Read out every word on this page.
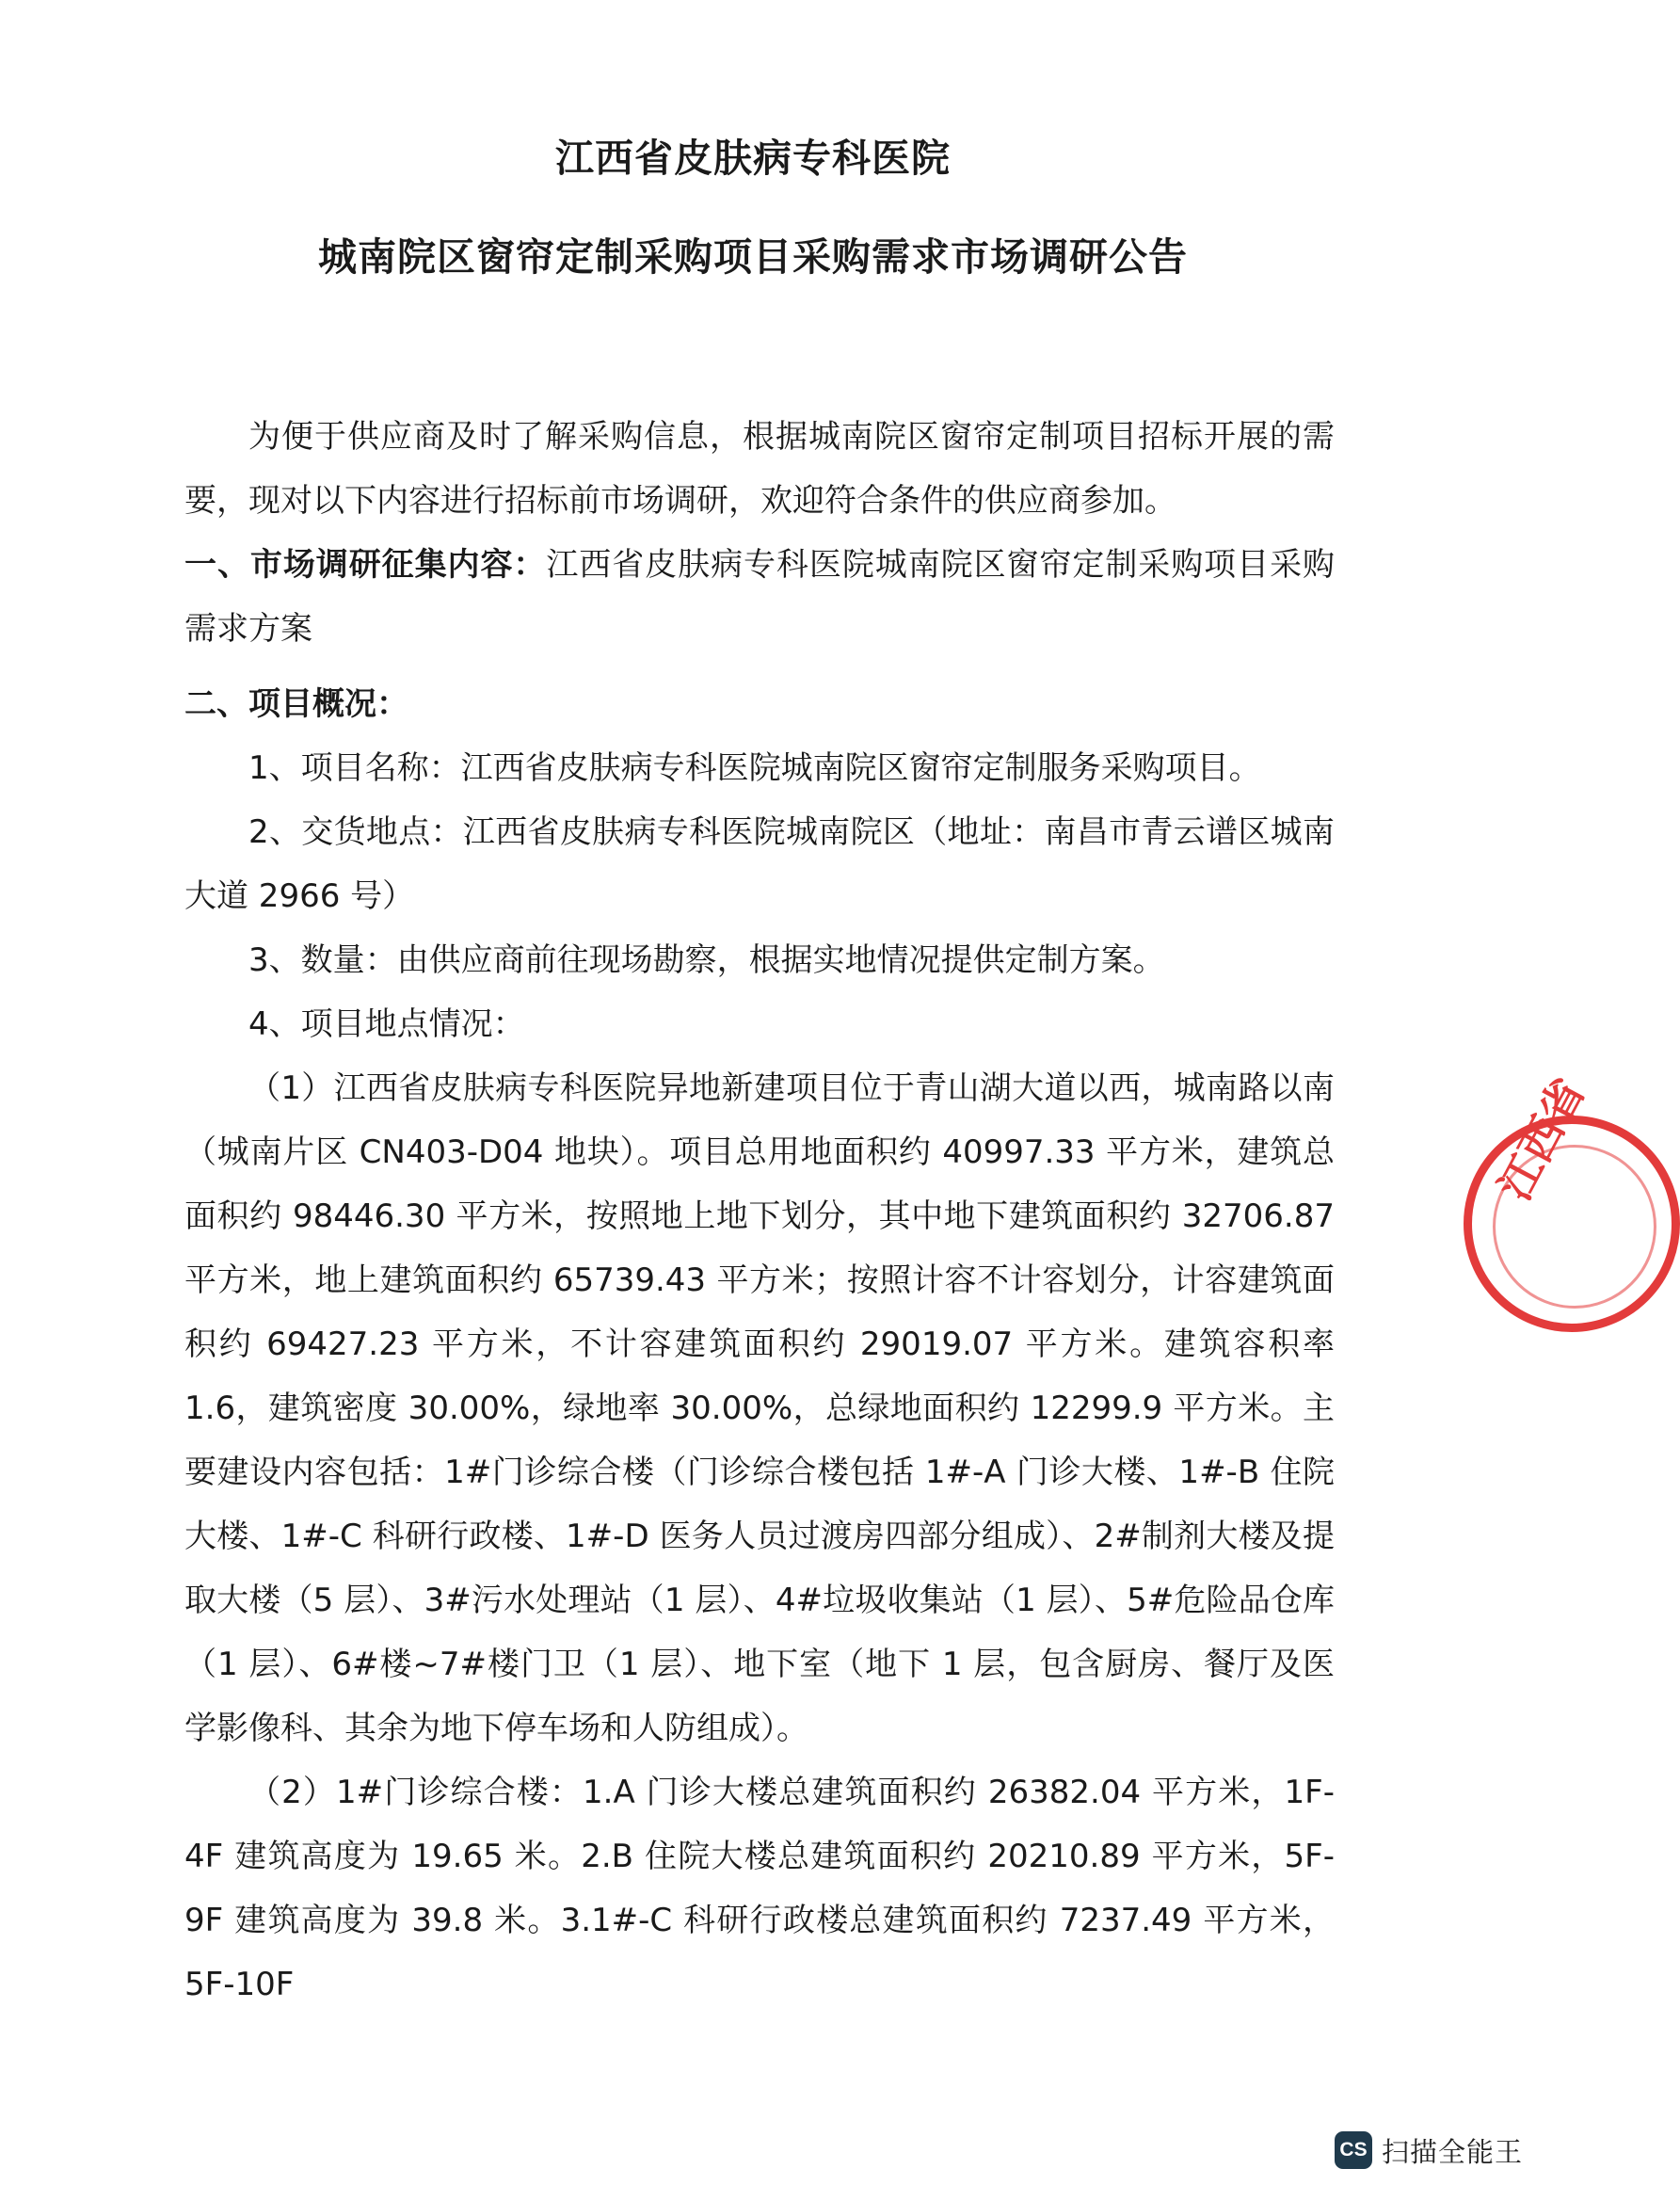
江西省皮肤病专科医院
城南院区窗帘定制采购项目采购需求市场调研公告

为便于供应商及时了解采购信息，根据城南院区窗帘定制项目招标开展的需要，现对以下内容进行招标前市场调研，欢迎符合条件的供应商参加。

一、市场调研征集内容：江西省皮肤病专科医院城南院区窗帘定制采购项目采购需求方案

二、项目概况：

1、项目名称：江西省皮肤病专科医院城南院区窗帘定制服务采购项目。

2、交货地点：江西省皮肤病专科医院城南院区（地址：南昌市青云谱区城南大道 2966 号）

3、数量：由供应商前往现场勘察，根据实地情况提供定制方案。

4、项目地点情况：

（1）江西省皮肤病专科医院异地新建项目位于青山湖大道以西，城南路以南（城南片区 CN403-D04 地块）。项目总用地面积约 40997.33 平方米，建筑总面积约 98446.30 平方米，按照地上地下划分，其中地下建筑面积约 32706.87 平方米，地上建筑面积约 65739.43 平方米；按照计容不计容划分，计容建筑面积约 69427.23 平方米，不计容建筑面积约 29019.07 平方米。建筑容积率 1.6，建筑密度 30.00%，绿地率 30.00%，总绿地面积约 12299.9 平方米。主要建设内容包括：1#门诊综合楼（门诊综合楼包括 1#-A 门诊大楼、1#-B 住院大楼、1#-C 科研行政楼、1#-D 医务人员过渡房四部分组成）、2#制剂大楼及提取大楼（5 层）、3#污水处理站（1 层）、4#垃圾收集站（1 层）、5#危险品仓库（1 层）、6#楼~7#楼门卫（1 层）、地下室（地下 1 层，包含厨房、餐厅及医学影像科、其余为地下停车场和人防组成）。

（2）1#门诊综合楼：1.A 门诊大楼总建筑面积约 26382.04 平方米，1F-4F 建筑高度为 19.65 米。2.B 住院大楼总建筑面积约 20210.89 平方米，5F-9F 建筑高度为 39.8 米。3.1#-C 科研行政楼总建筑面积约 7237.49 平方米，5F-10F

江西省
CS 扫描全能王
